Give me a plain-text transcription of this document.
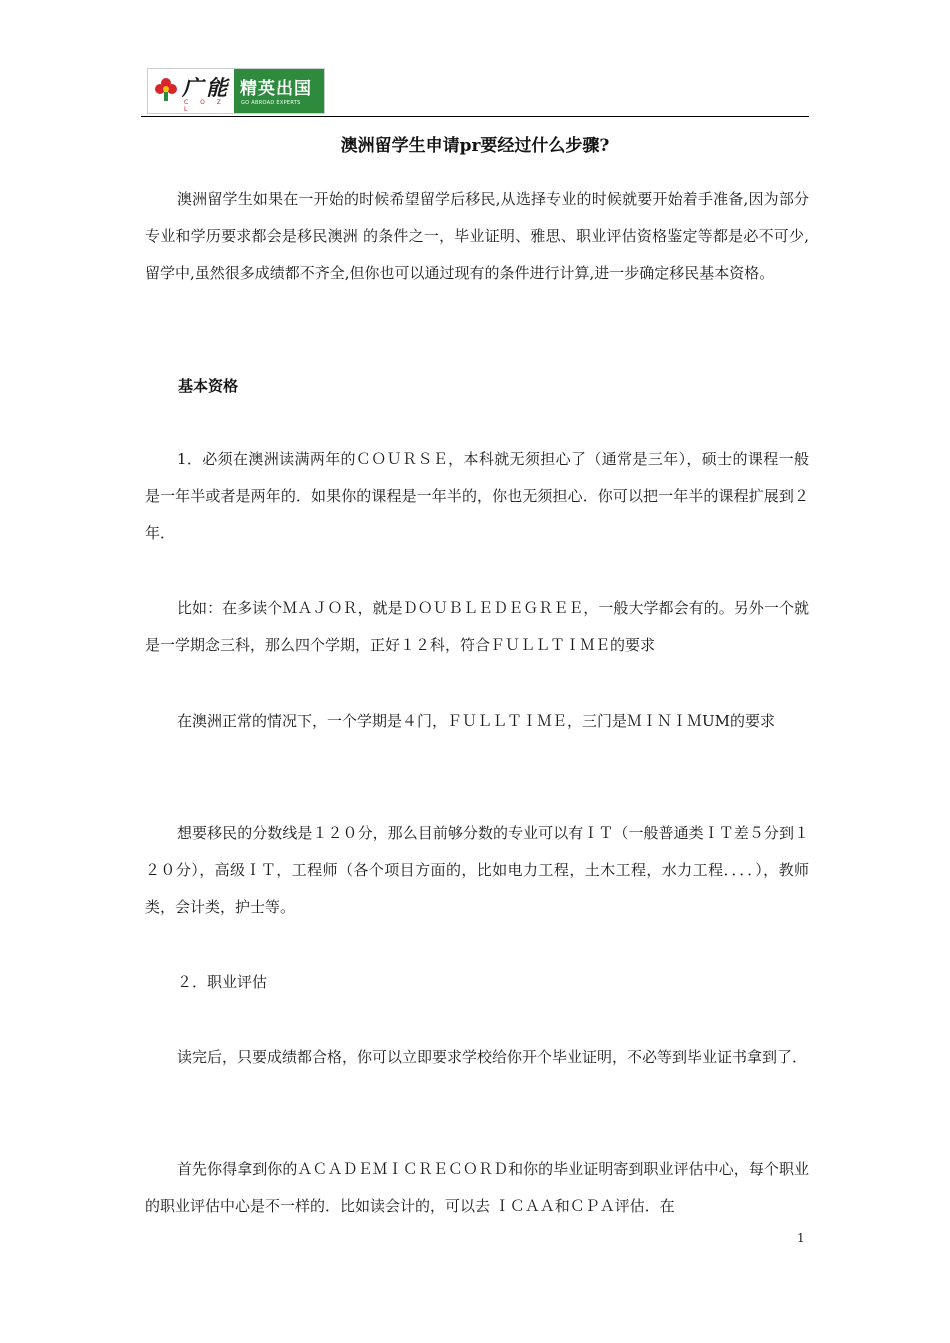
广 能
C O Z L
精英出国
GO ABROAD EXPERTS
澳洲留学生申请pr要经过什么步骤?

澳洲留学生如果在一开始的时候希望留学后移民,从选择专业的时候就要开始着手准备,因为部分专业和学历要求都会是移民澳洲 的条件之一，毕业证明、雅思、职业评估资格鉴定等都是必不可少,留学中,虽然很多成绩都不齐全,但你也可以通过现有的条件进行计算,进一步确定移民基本资格。

基本资格

1．必须在澳洲读满两年的ＣＯＵＲＳＥ，本科就无须担心了（通常是三年），硕士的课程一般是一年半或者是两年的．如果你的课程是一年半的，你也无须担心．你可以把一年半的课程扩展到２年．

比如：在多读个ＭＡＪＯＲ，就是ＤＯＵＢＬＥＤＥＧＲＥＥ，一般大学都会有的。另外一个就是一学期念三科，那么四个学期，正好１２科，符合ＦＵＬＬＴＩＭＥ的要求

在澳洲正常的情况下，一个学期是４门，ＦＵＬＬＴＩＭＥ，三门是ＭＩＮＩＭUM的要求

想要移民的分数线是１２０分，那么目前够分数的专业可以有ＩＴ（一般普通类ＩＴ差５分到１２０分），高级ＩＴ，工程师（各个项目方面的，比如电力工程，土木工程，水力工程．．．．），教师类，会计类，护士等。

２．职业评估

读完后，只要成绩都合格，你可以立即要求学校给你开个毕业证明，不必等到毕业证书拿到了．

首先你得拿到你的ＡＣＡＤＥＭＩＣＲＥＣＯＲＤ和你的毕业证明寄到职业评估中心，每个职业的职业评估中心是不一样的．比如读会计的，可以去 ＩＣＡＡ和ＣＰＡ评估．在

1
